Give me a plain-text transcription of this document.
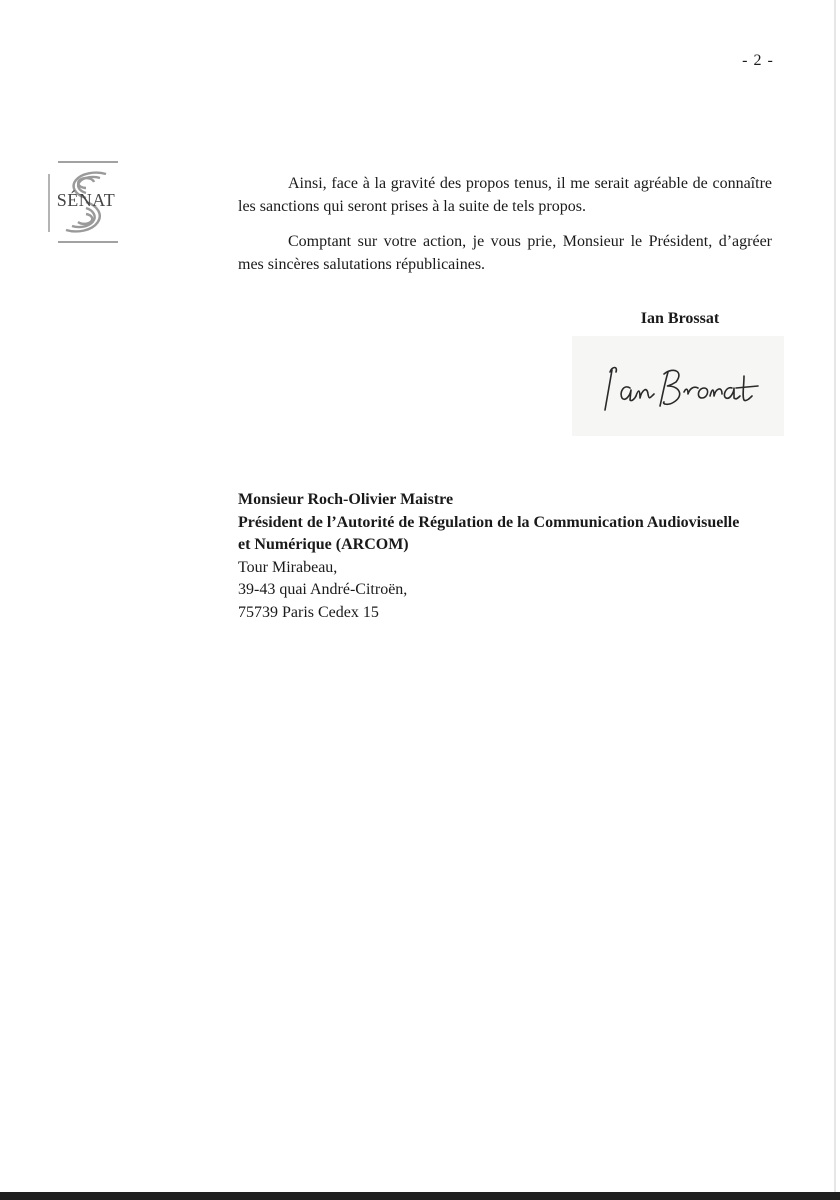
- 2 -
SÉNAT

Ainsi, face à la gravité des propos tenus, il me serait agréable de connaître les sanctions qui seront prises à la suite de tels propos.

Comptant sur votre action, je vous prie, Monsieur le Président, d’agréer mes sincères salutations républicaines.

Ian Brossat
Monsieur Roch-Olivier Maistre
Président de l’Autorité de Régulation de la Communication Audiovisuelle
et Numérique (ARCOM)
Tour Mirabeau,
39-43 quai André-Citroën,
75739 Paris Cedex 15
